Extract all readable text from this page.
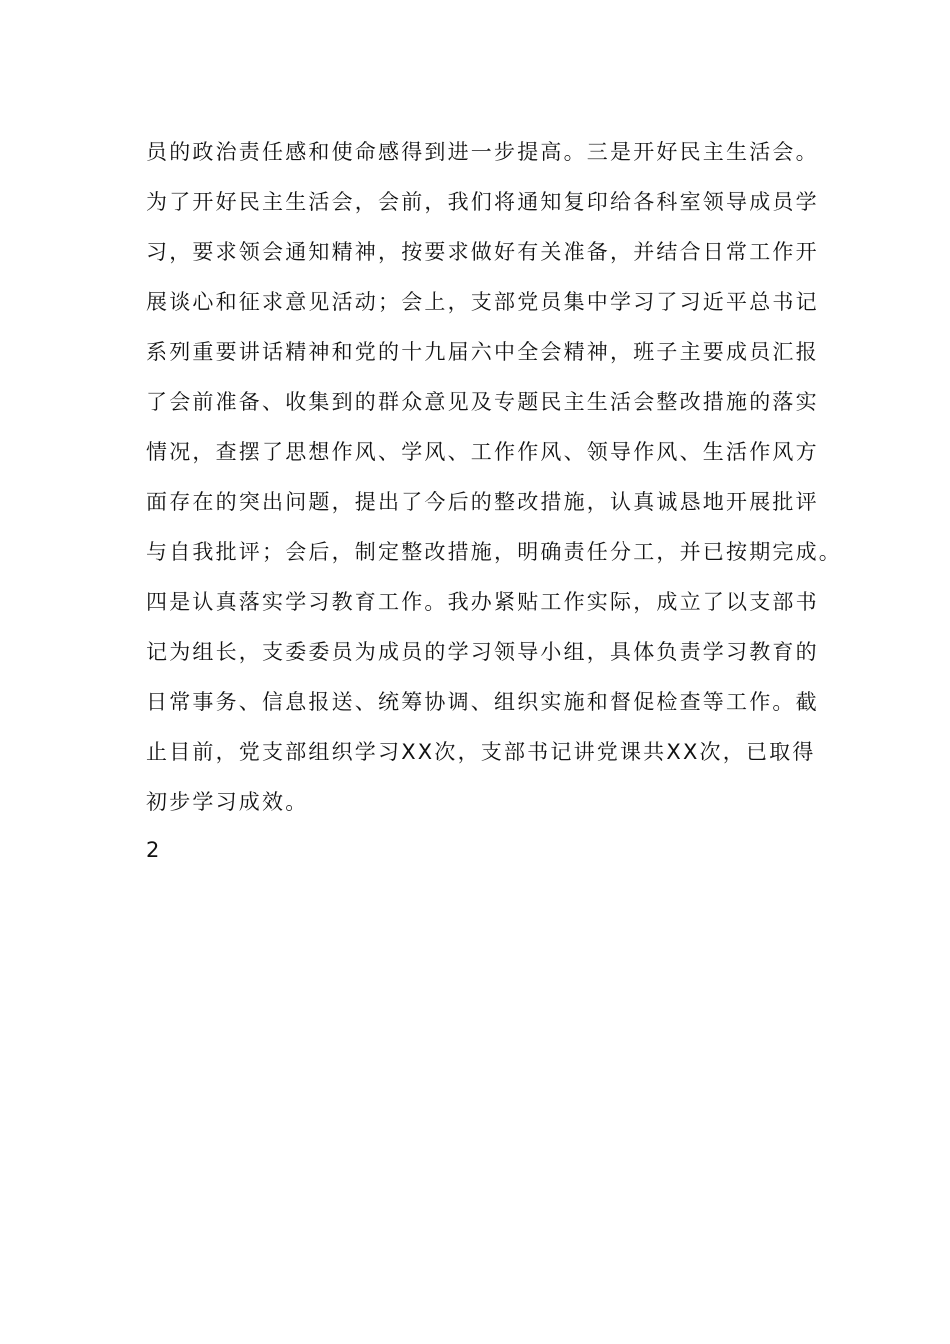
员的政治责任感和使命感得到进一步提高。三是开好民主生活会。
为了开好民主生活会，会前，我们将通知复印给各科室领导成员学
习，要求领会通知精神，按要求做好有关准备，并结合日常工作开
展谈心和征求意见活动；会上，支部党员集中学习了习近平总书记
系列重要讲话精神和党的十九届六中全会精神，班子主要成员汇报
了会前准备、收集到的群众意见及专题民主生活会整改措施的落实
情况，查摆了思想作风、学风、工作作风、领导作风、生活作风方
面存在的突出问题，提出了今后的整改措施，认真诚恳地开展批评
与自我批评；会后，制定整改措施，明确责任分工，并已按期完成。
四是认真落实学习教育工作。我办紧贴工作实际，成立了以支部书
记为组长，支委委员为成员的学习领导小组，具体负责学习教育的
日常事务、信息报送、统筹协调、组织实施和督促检查等工作。截
止目前，党支部组织学习XX次，支部书记讲党课共XX次，已取得
初步学习成效。

2
